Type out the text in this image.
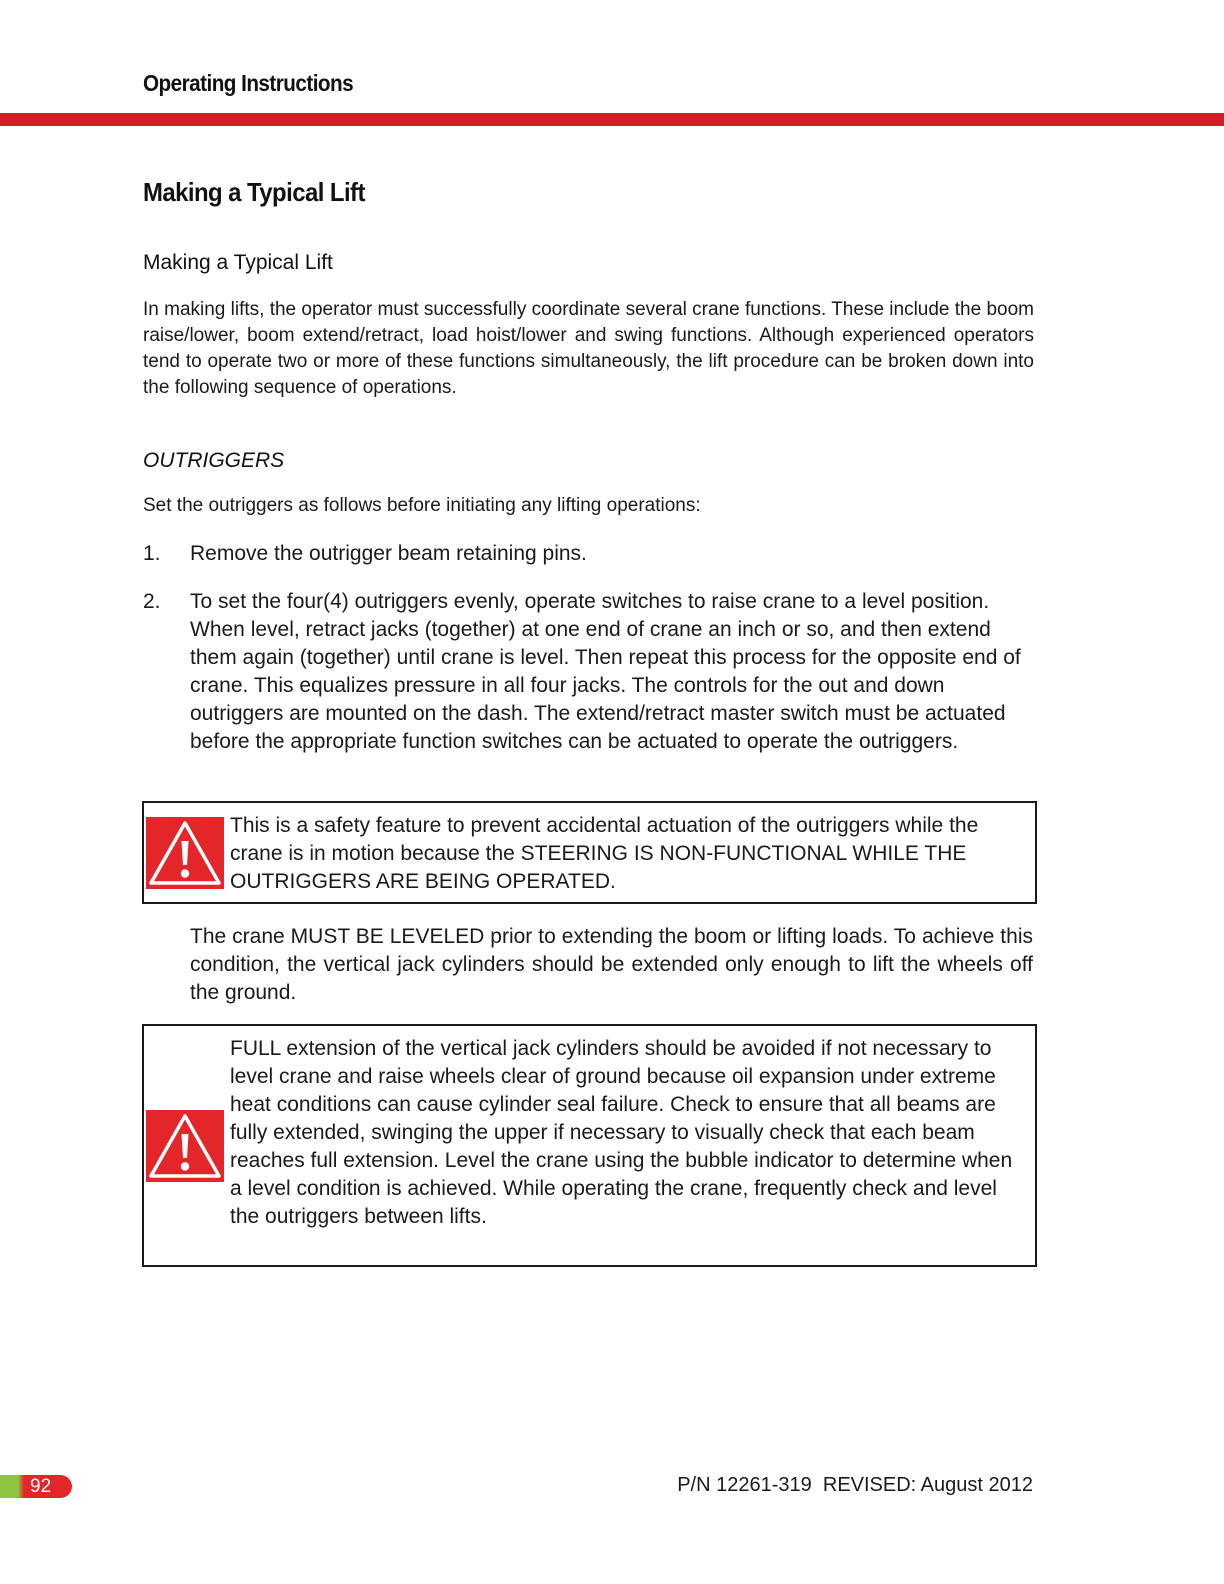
Operating Instructions
Making a Typical Lift
Making a Typical Lift
In making lifts, the operator must successfully coordinate several crane functions. These include the boom raise/lower, boom extend/retract, load hoist/lower and swing functions. Although experienced operators tend to operate two or more of these functions simultaneously, the lift procedure can be broken down into the following sequence of operations.
OUTRIGGERS
Set the outriggers as follows before initiating any lifting operations:
1. Remove the outrigger beam retaining pins.
2. To set the four(4) outriggers evenly, operate switches to raise crane to a level position. When level, retract jacks (together) at one end of crane an inch or so, and then extend them again (together) until crane is level. Then repeat this process for the opposite end of crane. This equalizes pressure in all four jacks. The controls for the out and down outriggers are mounted on the dash. The extend/retract master switch must be actuated before the appropriate function switches can be actuated to operate the outriggers.
This is a safety feature to prevent accidental actuation of the outriggers while the crane is in motion because the STEERING IS NON-FUNCTIONAL WHILE THE OUTRIGGERS ARE BEING OPERATED.
The crane MUST BE LEVELED prior to extending the boom or lifting loads. To achieve this condition, the vertical jack cylinders should be extended only enough to lift the wheels off the ground.
FULL extension of the vertical jack cylinders should be avoided if not necessary to level crane and raise wheels clear of ground because oil expansion under extreme heat conditions can cause cylinder seal failure. Check to ensure that all beams are fully extended, swinging the upper if necessary to visually check that each beam reaches full extension. Level the crane using the bubble indicator to determine when a level condition is achieved. While operating the crane, frequently check and level the outriggers between lifts.
92	P/N 12261-319  REVISED: August 2012
